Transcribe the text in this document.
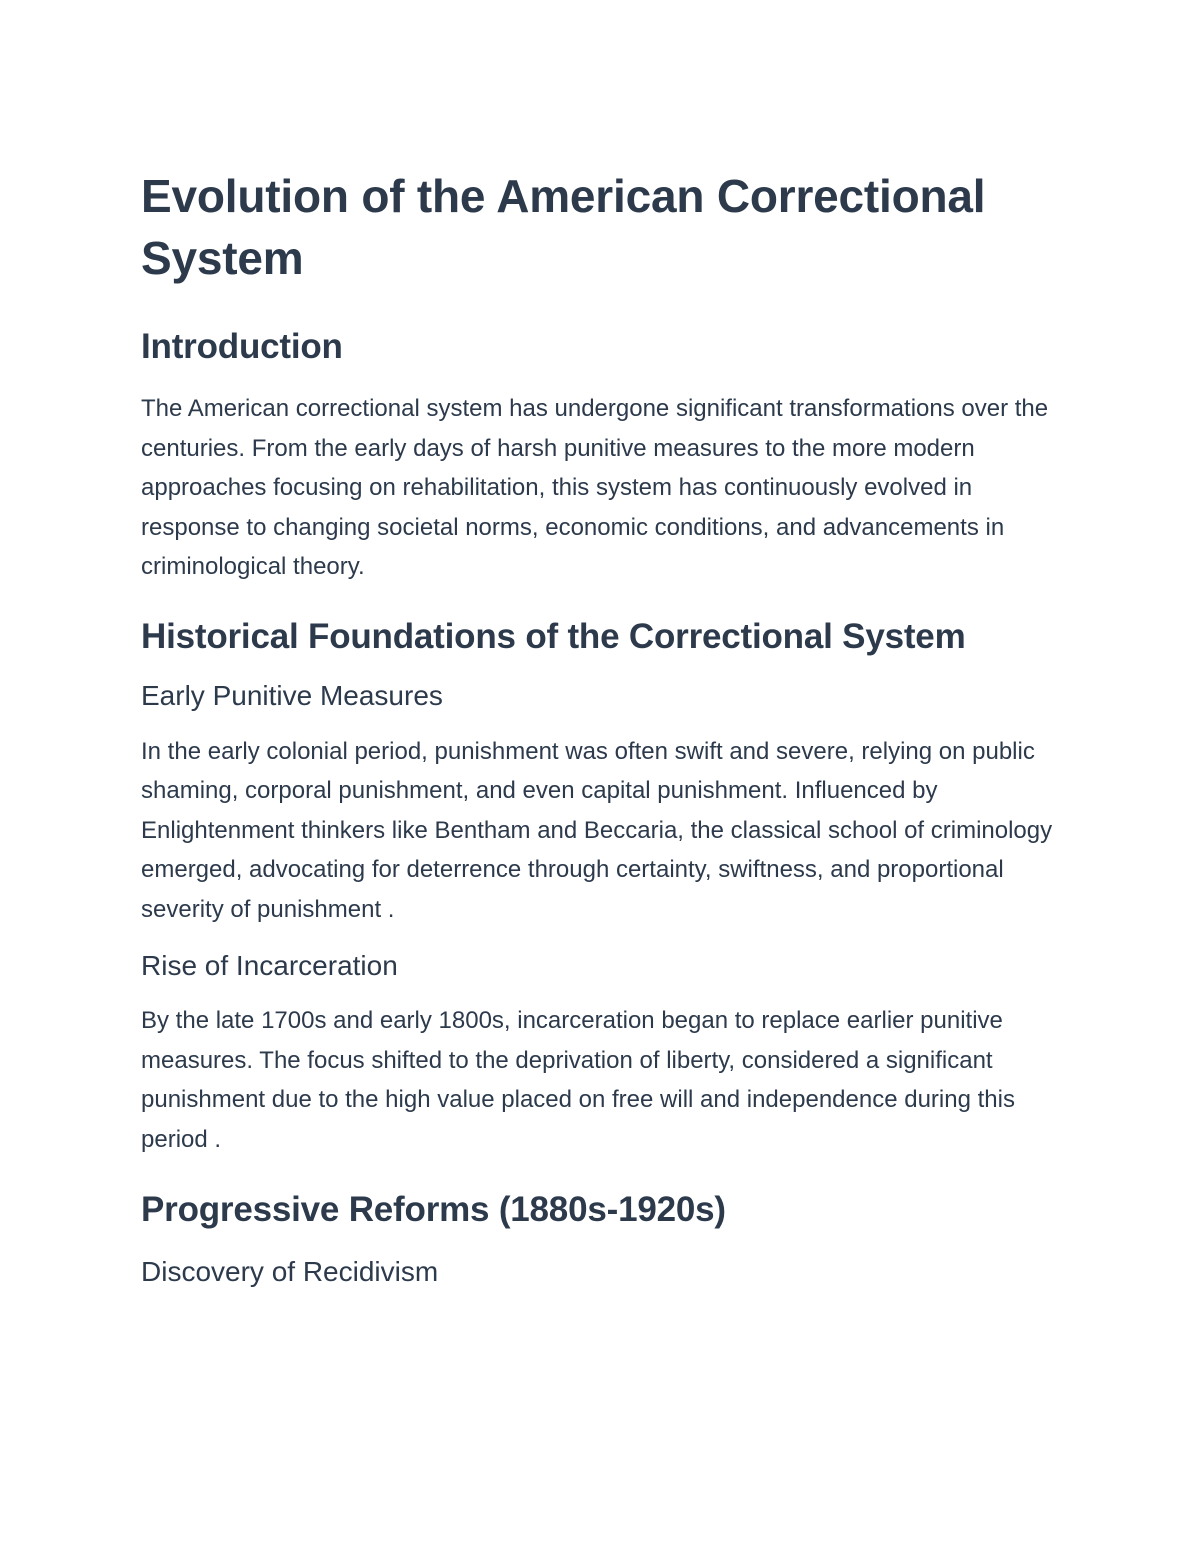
Evolution of the American Correctional System
Introduction

The American correctional system has undergone significant transformations over the centuries. From the early days of harsh punitive measures to the more modern approaches focusing on rehabilitation, this system has continuously evolved in response to changing societal norms, economic conditions, and advancements in criminological theory.

Historical Foundations of the Correctional System
Early Punitive Measures

In the early colonial period, punishment was often swift and severe, relying on public shaming, corporal punishment, and even capital punishment. Influenced by Enlightenment thinkers like Bentham and Beccaria, the classical school of criminology emerged, advocating for deterrence through certainty, swiftness, and proportional severity of punishment .

Rise of Incarceration

By the late 1700s and early 1800s, incarceration began to replace earlier punitive measures. The focus shifted to the deprivation of liberty, considered a significant punishment due to the high value placed on free will and independence during this period .

Progressive Reforms (1880s-1920s)
Discovery of Recidivism
